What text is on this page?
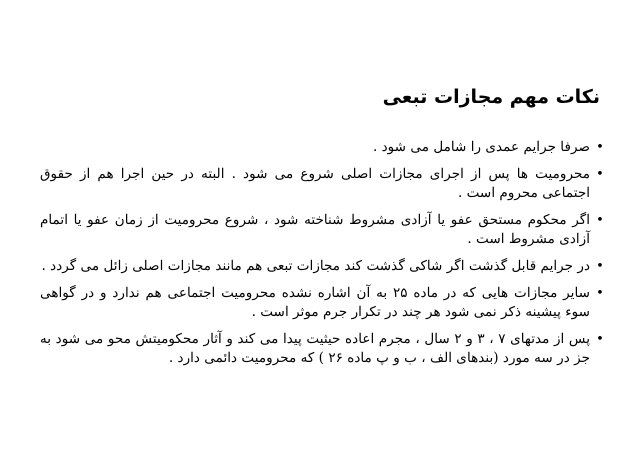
نکات مهم مجازات تبعی
•
صرفا جرایم عمدی را شامل می شود .
•
محرومیت ها پس از اجرای مجازات اصلی شروع می شود . البته در حین اجرا هم از حقوق اجتماعی محروم است .
•
اگر محکوم مستحق عفو یا آزادی مشروط شناخته شود ، شروع محرومیت از زمان عفو یا اتمام آزادی مشروط است .
•
در جرایم قابل گذشت اگر شاکی گذشت کند مجازات تبعی هم مانند مجازات اصلی زائل می گردد .
•
سایر مجازات هایی که در ماده ۲۵ به آن اشاره نشده محرومیت اجتماعی هم ندارد و در گواهی سوء پیشینه ذکر نمی شود هر چند در تکرار جرم موثر است .
•
پس از مدتهای ۷ ، ۳ و ۲ سال ، مجرم اعاده حیثیت پیدا می کند و آثار محکومیتش محو می شود به جز در سه مورد (بندهای الف ، ب و پ ماده ۲۶ ) که محرومیت دائمی دارد .
